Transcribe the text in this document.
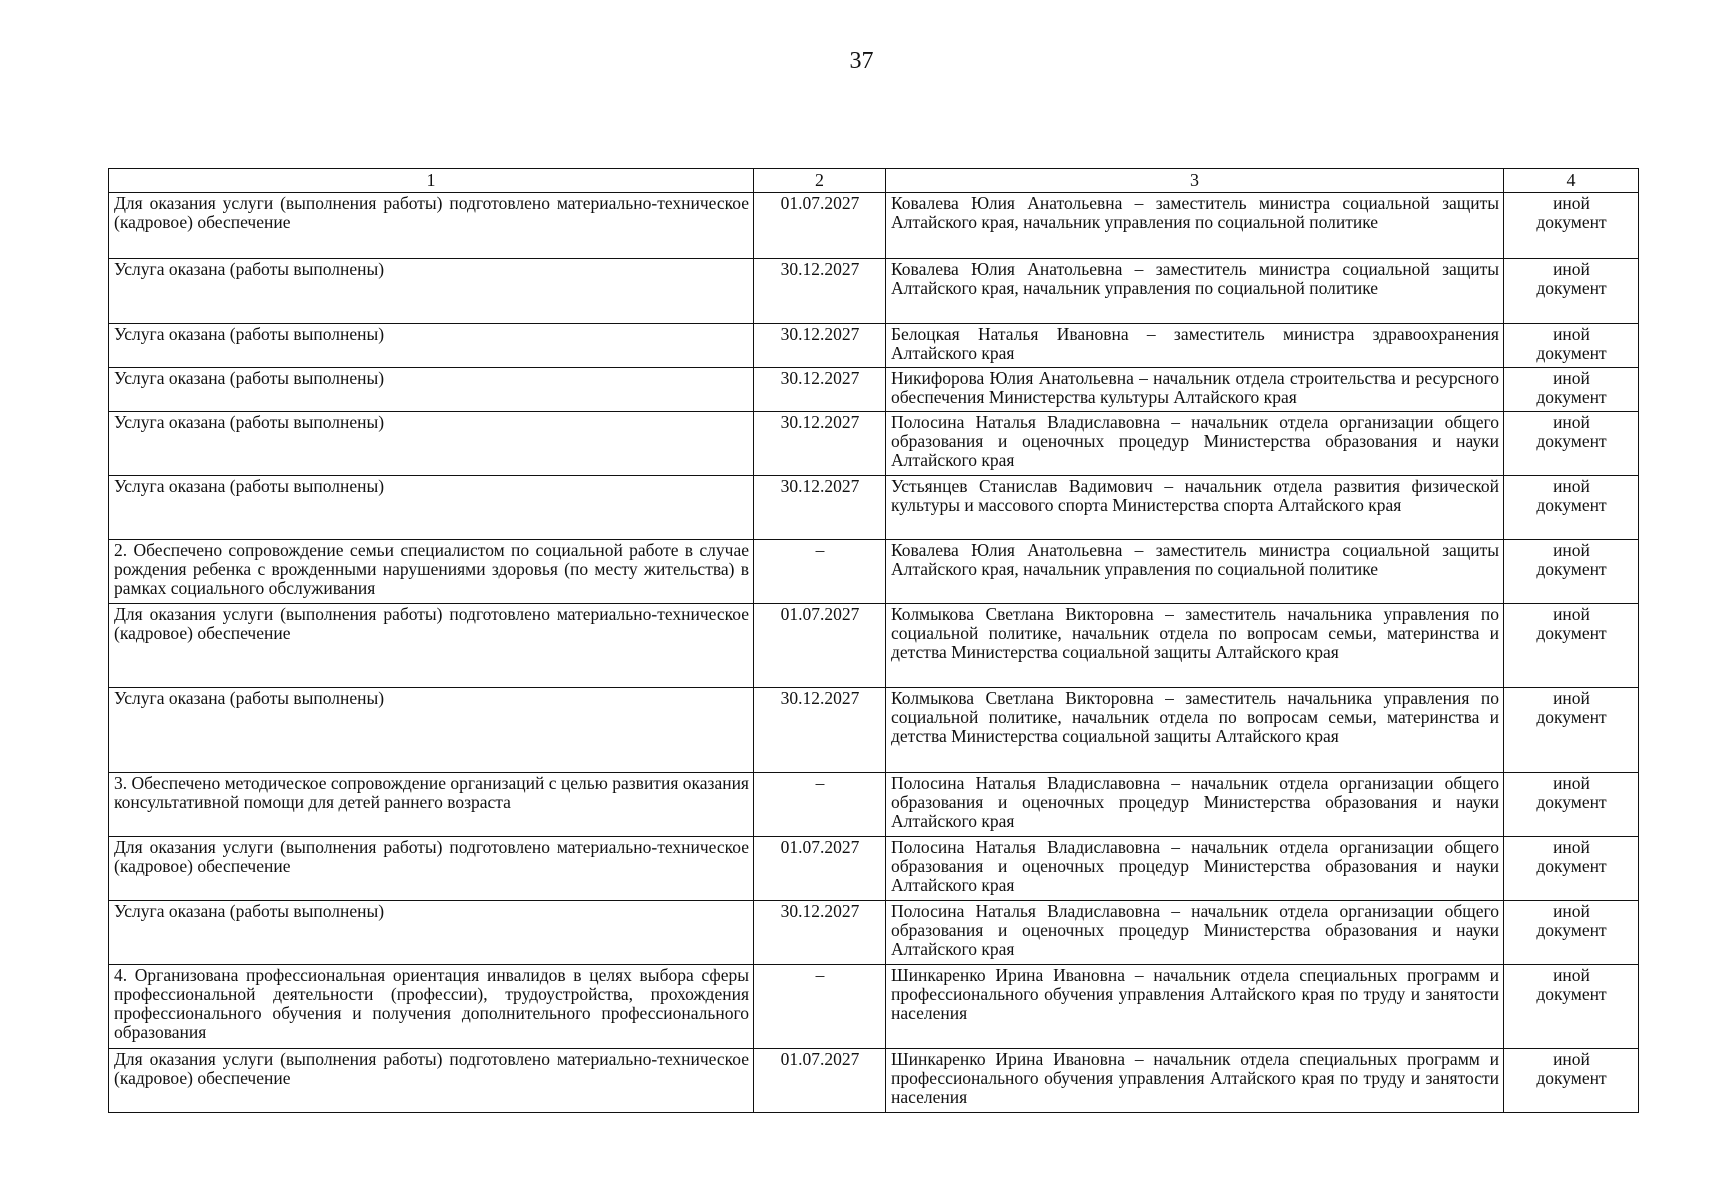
37
1	2	3	4
Для оказания услуги (выполнения работы) подготовлено материально-техническое (кадровое) обеспечение	01.07.2027	Ковалева Юлия Анатольевна – заместитель министра социальной защиты Алтайского края, начальник управления по социальной политике	иной
документ

Услуга оказана (работы выполнены)	30.12.2027	Ковалева Юлия Анатольевна – заместитель министра социальной защиты Алтайского края, начальник управления по социальной политике	иной
документ

Услуга оказана (работы выполнены)	30.12.2027	Белоцкая Наталья Ивановна – заместитель министра здравоохранения Алтайского края	иной
документ

Услуга оказана (работы выполнены)	30.12.2027	Никифорова Юлия Анатольевна – начальник отдела строительства и ресурсного обеспечения Министерства культуры Алтайского края	иной
документ

Услуга оказана (работы выполнены)	30.12.2027	Полосина Наталья Владиславовна – начальник отдела организации общего образования и оценочных процедур Министерства образования и науки Алтайского края	иной
документ

Услуга оказана (работы выполнены)	30.12.2027	Устьянцев Станислав Вадимович – начальник отдела развития физической культуры и массового спорта Министерства спорта Алтайского края	иной
документ

2. Обеспечено сопровождение семьи специалистом по социальной работе в случае рождения ребенка с врожденными нарушениями здоровья (по месту жительства) в рамках социального обслуживания	–	Ковалева Юлия Анатольевна – заместитель министра социальной защиты Алтайского края, начальник управления по социальной политике	иной
документ

Для оказания услуги (выполнения работы) подготовлено материально-техническое (кадровое) обеспечение	01.07.2027	Колмыкова Светлана Викторовна – заместитель начальника управления по социальной политике, начальник отдела по вопросам семьи, материнства и детства Министерства социальной защиты Алтайского края	иной
документ

Услуга оказана (работы выполнены)	30.12.2027	Колмыкова Светлана Викторовна – заместитель начальника управления по социальной политике, начальник отдела по вопросам семьи, материнства и детства Министерства социальной защиты Алтайского края	иной
документ

3. Обеспечено методическое сопровождение организаций с целью развития оказания консультативной помощи для детей раннего возраста	–	Полосина Наталья Владиславовна – начальник отдела организации общего образования и оценочных процедур Министерства образования и науки Алтайского края	иной
документ

Для оказания услуги (выполнения работы) подготовлено материально-техническое (кадровое) обеспечение	01.07.2027	Полосина Наталья Владиславовна – начальник отдела организации общего образования и оценочных процедур Министерства образования и науки Алтайского края	иной
документ

Услуга оказана (работы выполнены)	30.12.2027	Полосина Наталья Владиславовна – начальник отдела организации общего образования и оценочных процедур Министерства образования и науки Алтайского края	иной
документ

4. Организована профессиональная ориентация инвалидов в целях выбора сферы профессиональной деятельности (профессии), трудоустройства, прохождения профессионального обучения и получения дополнительного профессионального образования	–	Шинкаренко Ирина Ивановна – начальник отдела специальных программ и профессионального обучения управления Алтайского края по труду и занятости населения	иной
документ

Для оказания услуги (выполнения работы) подготовлено материально-техническое (кадровое) обеспечение	01.07.2027	Шинкаренко Ирина Ивановна – начальник отдела специальных программ и профессионального обучения управления Алтайского края по труду и занятости населения	иной
документ
